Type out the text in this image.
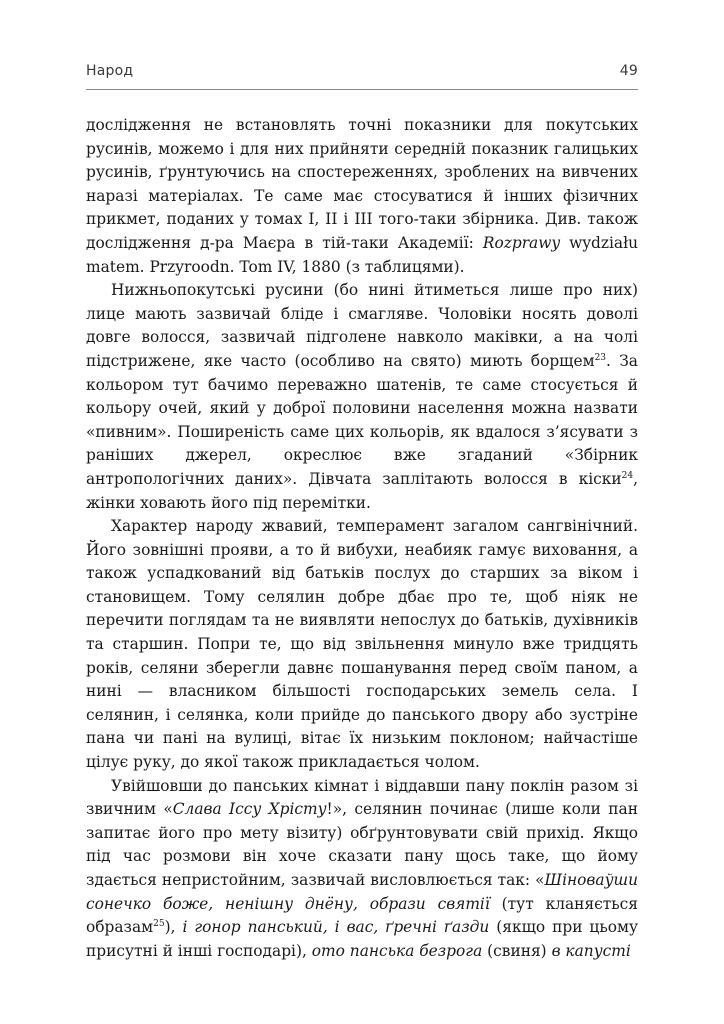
Народ	49

дослідження не встановлять точні показники для покутських русинів, можемо і для них прийняти середній показник галицьких русинів, ґрунтуючись на спостереженнях, зроблених на вивчених наразі матеріалах. Те саме має стосуватися й інших фізичних прикмет, поданих у томах I, II і III того-таки збірника. Див. також дослідження д-ра Маєра в тій-таки Академії: Rozprawy wydziału matem. Przyroodn. Tom IV, 1880 (з таблицями).

Нижньопокутські русини (бо нині йтиметься лише про них) лице мають зазвичай бліде і смагляве. Чоловіки носять доволі довге волосся, зазвичай підголене навколо маківки, а на чолі підстрижене, яке часто (особливо на свято) миють борщем$^{23}$. За кольором тут бачимо переважно шатенів, те саме стосується й кольору очей, який у доброї половини населення можна назвати «пивним». Поширеність саме цих кольорів, як вдалося з’ясувати з раніших джерел, окреслює вже згаданий «Збірник антропологічних даних». Дівчата заплітають волосся в кіски$^{24}$, жінки ховають його під перемітки.

Характер народу жвавий, темперамент загалом сангвінічний. Його зовнішні прояви, а то й вибухи, неабияк гамує виховання, а також успадкований від батьків послух до старших за віком і становищем. Тому селялин добре дбає про те, щоб ніяк не перечити поглядам та не виявляти непослух до батьків, духівників та старшин. Попри те, що від звільнення минуло вже тридцять років, селяни зберегли давнє пошанування перед своїм паном, а нині — власником більшості господарських земель села. І селянин, і селянка, коли прийде до панського двору або зустріне пана чи пані на вулиці, вітає їх низьким поклоном; найчастіше цілує руку, до якої також прикладається чолом.

Увійшовши до панських кімнат і віддавши пану поклін разом зі звичним «Слава Іссу Хрісту!», селянин починає (лише коли пан запитає його про мету візиту) обґрунтовувати свій прихід. Якщо під час розмови він хоче сказати пану щось таке, що йому здається непристойним, зазвичай висловлюється так: «Шіноваўши сонечко боже, ненішну днёну, образи святії (тут кланяється образам$^{25}$), і гонор панський, і вас, ґречні ґазди (якщо при цьому присутні й інші господарі), ото панська безрога (свиня) в капусті
